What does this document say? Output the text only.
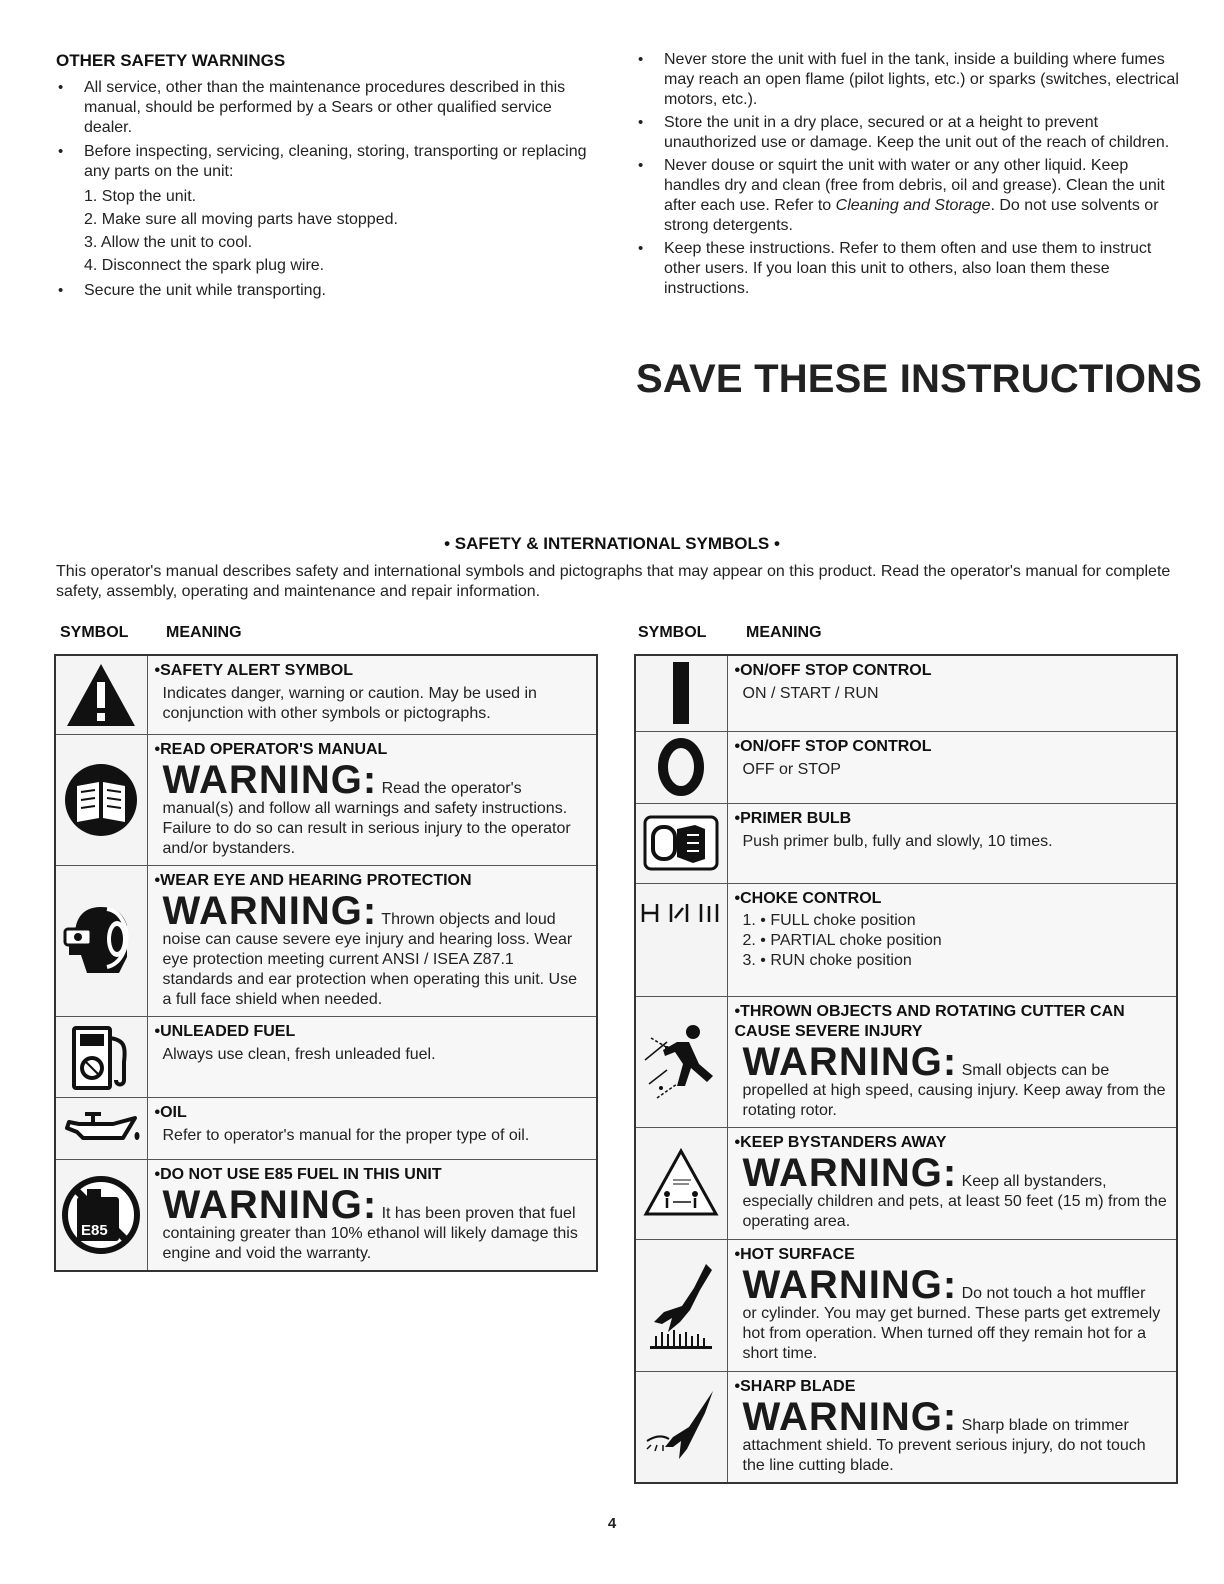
OTHER SAFETY WARNINGS
• All service, other than the maintenance procedures described in this manual, should be performed by a Sears or other qualified service dealer.
• Before inspecting, servicing, cleaning, storing, transporting or replacing any parts on the unit:
1. Stop the unit.
2. Make sure all moving parts have stopped.
3. Allow the unit to cool.
4. Disconnect the spark plug wire.
• Secure the unit while transporting.
• Never store the unit with fuel in the tank, inside a building where fumes may reach an open flame (pilot lights, etc.) or sparks (switches, electrical motors, etc.).
• Store the unit in a dry place, secured or at a height to prevent unauthorized use or damage. Keep the unit out of the reach of children.
• Never douse or squirt the unit with water or any other liquid. Keep handles dry and clean (free from debris, oil and grease). Clean the unit after each use. Refer to Cleaning and Storage. Do not use solvents or strong detergents.
• Keep these instructions. Refer to them often and use them to instruct other users. If you loan this unit to others, also loan them these instructions.
SAVE THESE INSTRUCTIONS
• SAFETY & INTERNATIONAL SYMBOLS •
This operator's manual describes safety and international symbols and pictographs that may appear on this product. Read the operator's manual for complete safety, assembly, operating and maintenance and repair information.
SYMBOL MEANING	SYMBOL MEANING

• SAFETY ALERT SYMBOL
Indicates danger, warning or caution. May be used in conjunction with other symbols or pictographs.

• READ OPERATOR'S MANUAL
WARNING: Read the operator's
manual(s) and follow all warnings and safety instructions. Failure to do so can result in serious injury to the operator and/or bystanders.

• WEAR EYE AND HEARING PROTECTION
WARNING: Thrown objects and loud
noise can cause severe eye injury and hearing loss. Wear eye protection meeting current ANSI / ISEA Z87.1 standards and ear protection when operating this unit. Use a full face shield when needed.

• UNLEADED FUEL
Always use clean, fresh unleaded fuel.

• OIL
Refer to operator's manual for the proper type of oil.

E85	• DO NOT USE E85 FUEL IN THIS UNIT
WARNING: It has been proven that fuel
containing greater than 10% ethanol will likely damage this engine and void the warranty.

• ON/OFF STOP CONTROL
ON / START / RUN

• ON/OFF STOP CONTROL
OFF or STOP

• PRIMER BULB
Push primer bulb, fully and slowly, 10 times.

• CHOKE CONTROL
1. • FULL choke position
2. • PARTIAL choke position
3. • RUN choke position

• THROWN OBJECTS AND ROTATING CUTTER CAN CAUSE SEVERE INJURY
WARNING: Small objects can be
propelled at high speed, causing injury. Keep away from the rotating rotor.

• KEEP BYSTANDERS AWAY
WARNING: Keep all bystanders,
especially children and pets, at least 50 feet (15 m) from the operating area.

• HOT SURFACE
WARNING: Do not touch a hot muffler
or cylinder. You may get burned. These parts get extremely hot from operation. When turned off they remain hot for a short time.

• SHARP BLADE
WARNING: Sharp blade on trimmer
attachment shield. To prevent serious injury, do not touch the line cutting blade.
4
